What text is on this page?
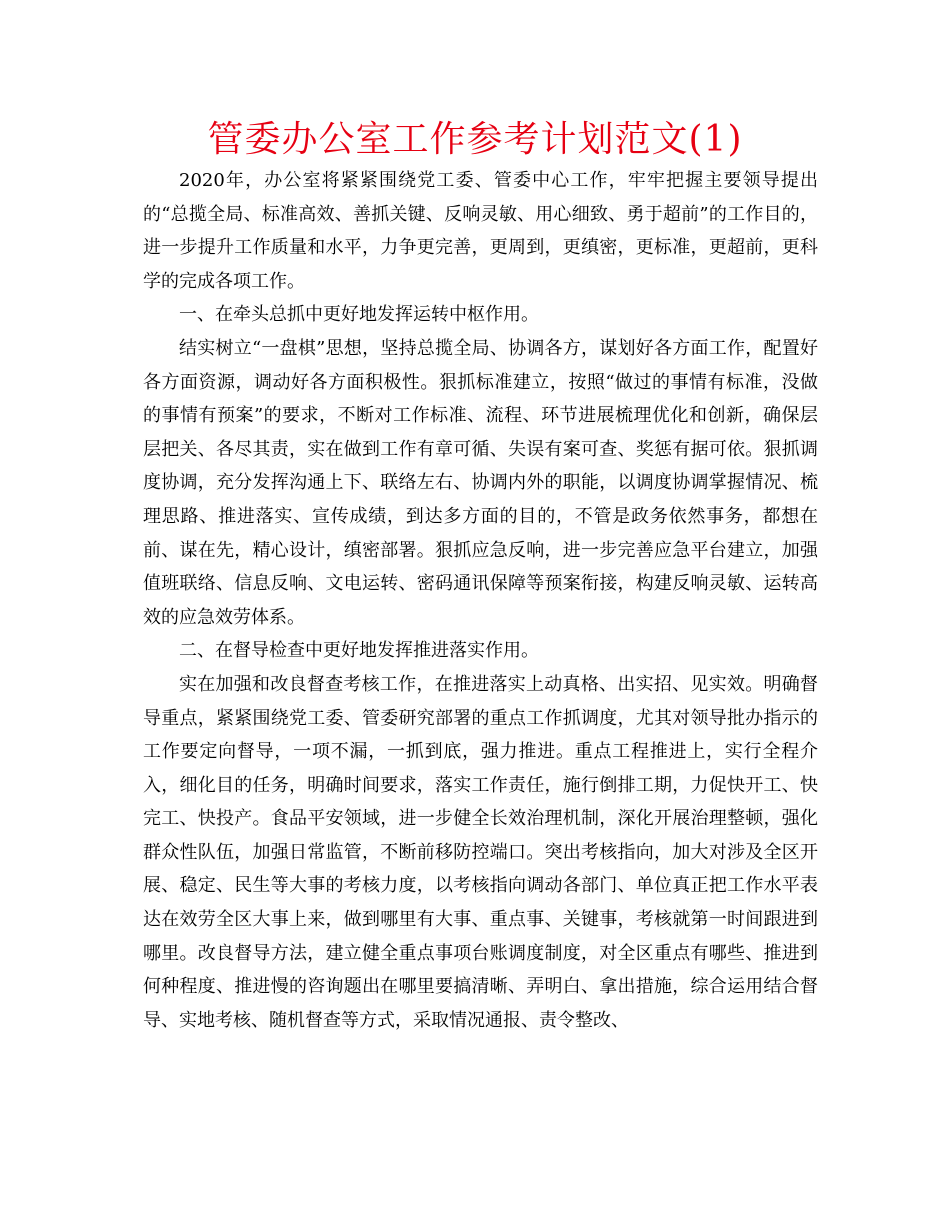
管委办公室工作参考计划范文(1)

2020年，办公室将紧紧围绕党工委、管委中心工作，牢牢把握主要领导提出的“总揽全局、标准高效、善抓关键、反响灵敏、用心细致、勇于超前”的工作目的，进一步提升工作质量和水平，力争更完善，更周到，更缜密，更标准，更超前，更科学的完成各项工作。

一、在牵头总抓中更好地发挥运转中枢作用。

结实树立“一盘棋”思想，坚持总揽全局、协调各方，谋划好各方面工作，配置好各方面资源，调动好各方面积极性。狠抓标准建立，按照“做过的事情有标准，没做的事情有预案”的要求，不断对工作标准、流程、环节进展梳理优化和创新，确保层层把关、各尽其责，实在做到工作有章可循、失误有案可查、奖惩有据可依。狠抓调度协调，充分发挥沟通上下、联络左右、协调内外的职能，以调度协调掌握情况、梳理思路、推进落实、宣传成绩，到达多方面的目的，不管是政务依然事务，都想在前、谋在先，精心设计，缜密部署。狠抓应急反响，进一步完善应急平台建立，加强值班联络、信息反响、文电运转、密码通讯保障等预案衔接，构建反响灵敏、运转高效的应急效劳体系。

二、在督导检查中更好地发挥推进落实作用。

实在加强和改良督查考核工作，在推进落实上动真格、出实招、见实效。明确督导重点，紧紧围绕党工委、管委研究部署的重点工作抓调度，尤其对领导批办指示的工作要定向督导，一项不漏，一抓到底，强力推进。重点工程推进上，实行全程介入，细化目的任务，明确时间要求，落实工作责任，施行倒排工期，力促快开工、快完工、快投产。食品平安领域，进一步健全长效治理机制，深化开展治理整顿，强化群众性队伍，加强日常监管，不断前移防控端口。突出考核指向，加大对涉及全区开展、稳定、民生等大事的考核力度，以考核指向调动各部门、单位真正把工作水平表达在效劳全区大事上来，做到哪里有大事、重点事、关键事，考核就第一时间跟进到哪里。改良督导方法，建立健全重点事项台账调度制度，对全区重点有哪些、推进到何种程度、推进慢的咨询题出在哪里要搞清晰、弄明白、拿出措施，综合运用结合督导、实地考核、随机督查等方式，采取情况通报、责令整改、
